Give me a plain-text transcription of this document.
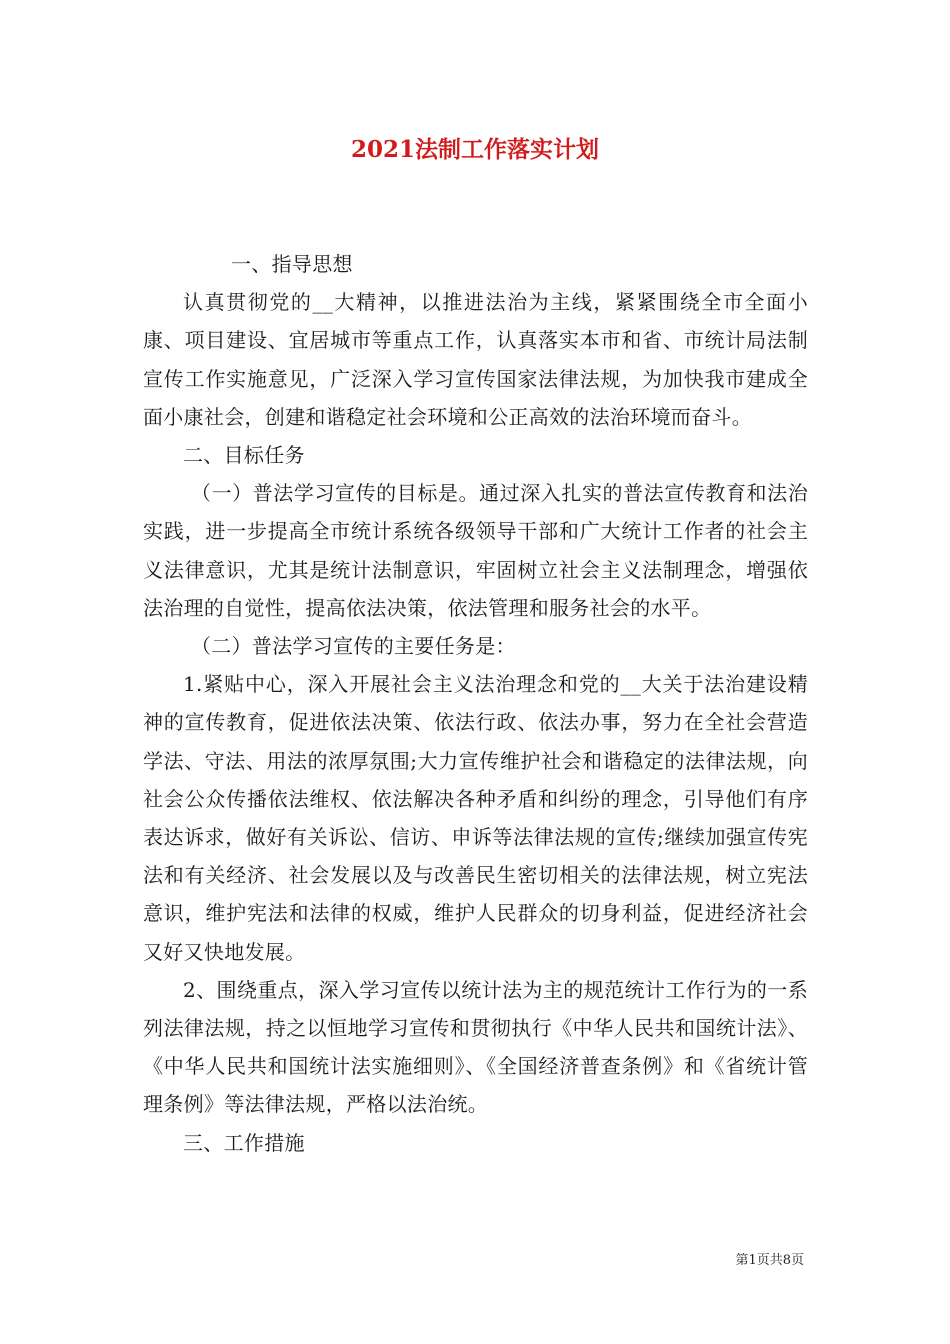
2021法制工作落实计划

一、指导思想

认真贯彻党的__大精神，以推进法治为主线，紧紧围绕全市全面小康、项目建设、宜居城市等重点工作，认真落实本市和省、市统计局法制宣传工作实施意见，广泛深入学习宣传国家法律法规，为加快我市建成全面小康社会，创建和谐稳定社会环境和公正高效的法治环境而奋斗。

二、目标任务

（一）普法学习宣传的目标是。通过深入扎实的普法宣传教育和法治实践，进一步提高全市统计系统各级领导干部和广大统计工作者的社会主义法律意识，尤其是统计法制意识，牢固树立社会主义法制理念，增强依法治理的自觉性，提高依法决策，依法管理和服务社会的水平。

（二）普法学习宣传的主要任务是：

1.紧贴中心，深入开展社会主义法治理念和党的__大关于法治建设精神的宣传教育，促进依法决策、依法行政、依法办事，努力在全社会营造学法、守法、用法的浓厚氛围;大力宣传维护社会和谐稳定的法律法规，向社会公众传播依法维权、依法解决各种矛盾和纠纷的理念，引导他们有序表达诉求，做好有关诉讼、信访、申诉等法律法规的宣传;继续加强宣传宪法和有关经济、社会发展以及与改善民生密切相关的法律法规，树立宪法意识，维护宪法和法律的权威，维护人民群众的切身利益，促进经济社会又好又快地发展。

2、围绕重点，深入学习宣传以统计法为主的规范统计工作行为的一系列法律法规，持之以恒地学习宣传和贯彻执行《中华人民共和国统计法》、《中华人民共和国统计法实施细则》、《全国经济普查条例》和《省统计管理条例》等法律法规，严格以法治统。

三、工作措施

第1页共8页
